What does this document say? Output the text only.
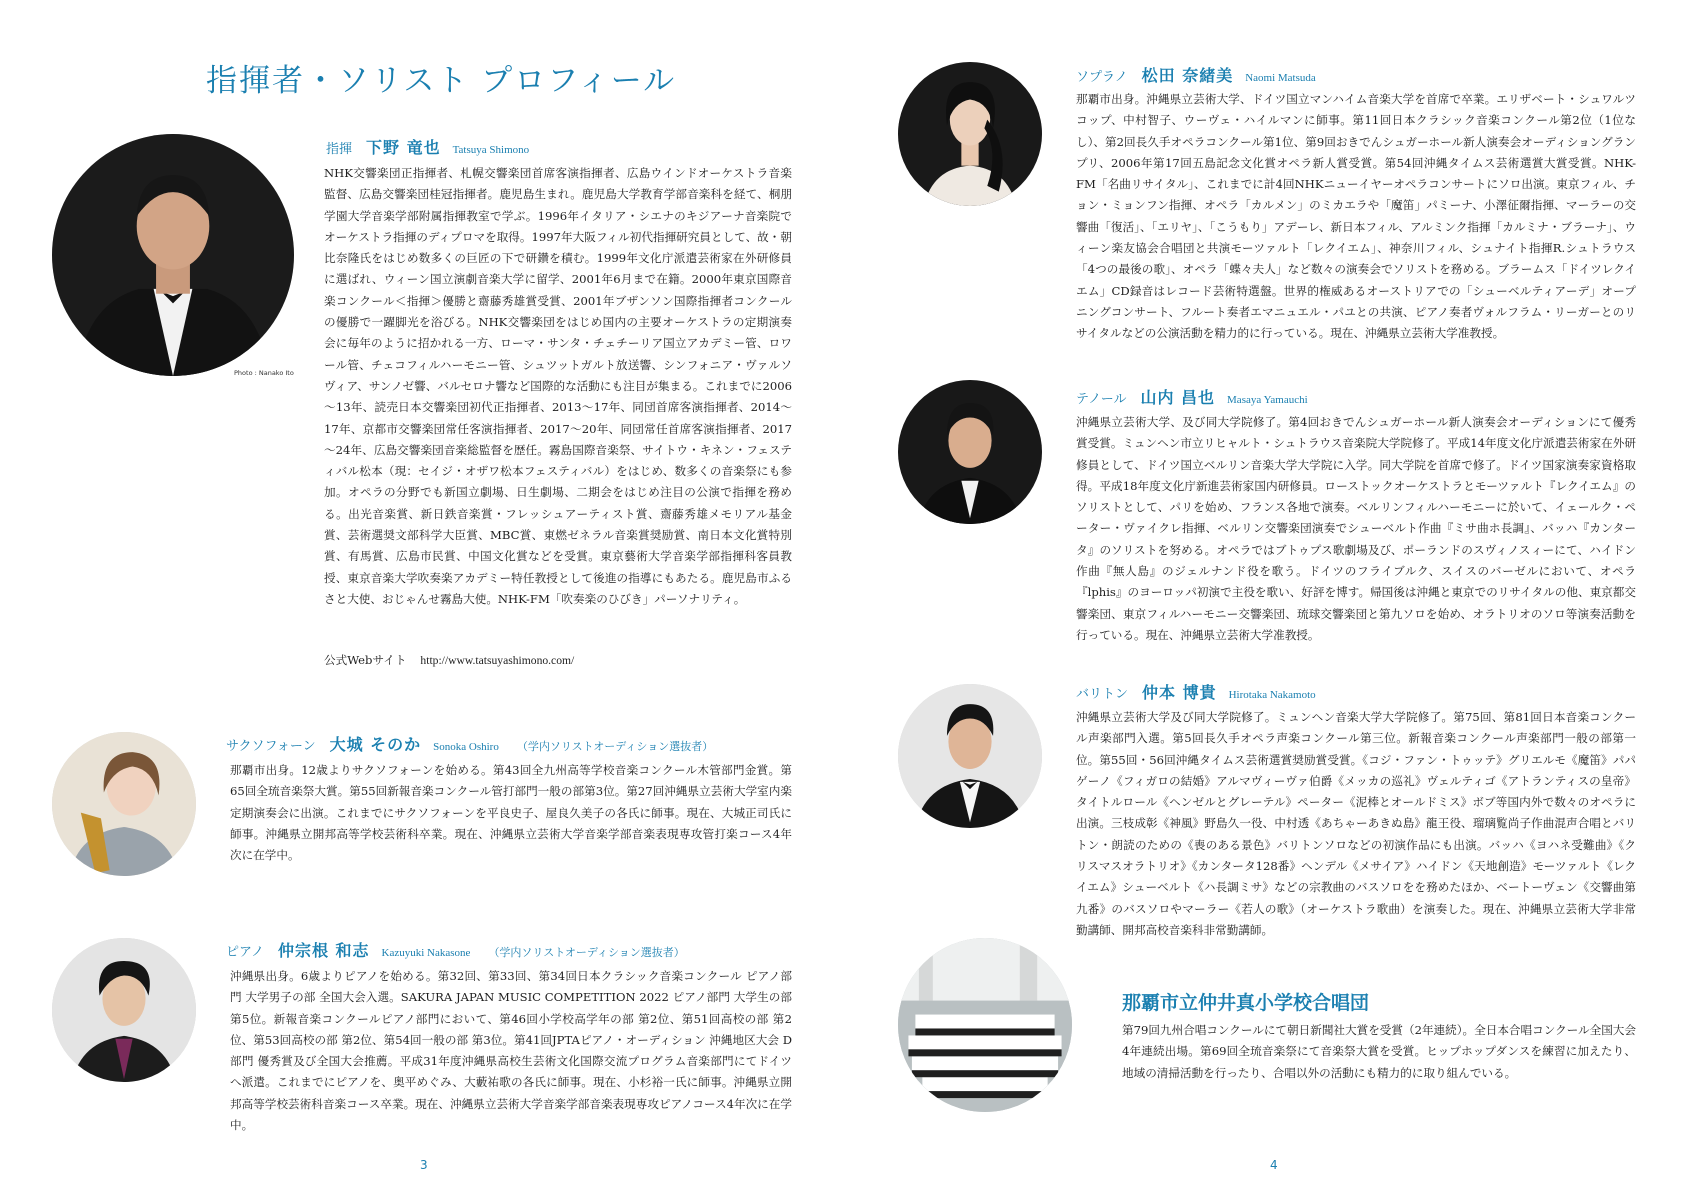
指揮者・ソリスト プロフィール
Photo : Nanako Ito
指揮 下野 竜也 Tatsuya Shimono

NHK交響楽団正指揮者、札幌交響楽団首席客演指揮者、広島ウインドオーケストラ音楽監督、広島交響楽団桂冠指揮者。鹿児島生まれ。鹿児島大学教育学部音楽科を経て、桐朋学園大学音楽学部附属指揮教室で学ぶ。1996年イタリア・シエナのキジアーナ音楽院でオーケストラ指揮のディプロマを取得。1997年大阪フィル初代指揮研究員として、故・朝比奈隆氏をはじめ数多くの巨匠の下で研鑽を積む。1999年文化庁派遣芸術家在外研修員に選ばれ、ウィーン国立演劇音楽大学に留学、2001年6月まで在籍。2000年東京国際音楽コンクール＜指揮＞優勝と齋藤秀雄賞受賞、2001年ブザンソン国際指揮者コンクールの優勝で一躍脚光を浴びる。NHK交響楽団をはじめ国内の主要オーケストラの定期演奏会に毎年のように招かれる一方、ローマ・サンタ・チェチーリア国立アカデミー管、ロワール管、チェコフィルハーモニー管、シュツットガルト放送響、シンフォニア・ヴァルソヴィア、サンノゼ響、バルセロナ響など国際的な活動にも注目が集まる。これまでに2006～13年、読売日本交響楽団初代正指揮者、2013～17年、同団首席客演指揮者、2014～17年、京都市交響楽団常任客演指揮者、2017～20年、同団常任首席客演指揮者、2017～24年、広島交響楽団音楽総監督を歴任。霧島国際音楽祭、サイトウ・キネン・フェスティバル松本（現：セイジ・オザワ松本フェスティバル）をはじめ、数多くの音楽祭にも参加。オペラの分野でも新国立劇場、日生劇場、二期会をはじめ注目の公演で指揮を務める。出光音楽賞、新日鉄音楽賞・フレッシュアーティスト賞、齋藤秀雄メモリアル基金賞、芸術選奨文部科学大臣賞、MBC賞、東燃ゼネラル音楽賞奨励賞、南日本文化賞特別賞、有馬賞、広島市民賞、中国文化賞などを受賞。東京藝術大学音楽学部指揮科客員教授、東京音楽大学吹奏楽アカデミー特任教授として後進の指導にもあたる。鹿児島市ふるさと大使、おじゃんせ霧島大使。NHK-FM「吹奏楽のひびき」パーソナリティ。

公式Webサイト http://www.tatsuyashimono.com/
サクソフォーン 大城 そのか Sonoka Oshiro （学内ソリストオーディション選抜者）

那覇市出身。12歳よりサクソフォーンを始める。第43回全九州高等学校音楽コンクール木管部門金賞。第65回全琉音楽祭大賞。第55回新報音楽コンクール管打部門一般の部第3位。第27回沖縄県立芸術大学室内楽定期演奏会に出演。これまでにサクソフォーンを平良史子、屋良久美子の各氏に師事。現在、大城正司氏に師事。沖縄県立開邦高等学校芸術科卒業。現在、沖縄県立芸術大学音楽学部音楽表現専攻管打楽コース4年次に在学中。

ピアノ 仲宗根 和志 Kazuyuki Nakasone （学内ソリストオーディション選抜者）

沖縄県出身。6歳よりピアノを始める。第32回、第33回、第34回日本クラシック音楽コンクール ピアノ部門 大学男子の部 全国大会入選。SAKURA JAPAN MUSIC COMPETITION 2022 ピアノ部門 大学生の部 第5位。新報音楽コンクールピアノ部門において、第46回小学校高学年の部 第2位、第51回高校の部 第2位、第53回高校の部 第2位、第54回一般の部 第3位。第41回JPTAピアノ・オーディション 沖縄地区大会 D部門 優秀賞及び全国大会推薦。平成31年度沖縄県高校生芸術文化国際交流プログラム音楽部門にてドイツへ派遣。これまでにピアノを、奥平めぐみ、大藪祐歌の各氏に師事。現在、小杉裕一氏に師事。沖縄県立開邦高等学校芸術科音楽コース卒業。現在、沖縄県立芸術大学音楽学部音楽表現専攻ピアノコース4年次に在学中。

3
ソプラノ 松田 奈緒美 Naomi Matsuda

那覇市出身。沖縄県立芸術大学、ドイツ国立マンハイム音楽大学を首席で卒業。エリザベート・シュワルツコップ、中村智子、ウーヴェ・ハイルマンに師事。第11回日本クラシック音楽コンクール第2位（1位なし）、第2回長久手オペラコンクール第1位、第9回おきでんシュガーホール新人演奏会オーディショングランプリ、2006年第17回五島記念文化賞オペラ新人賞受賞。第54回沖縄タイムス芸術選賞大賞受賞。NHK-FM「名曲リサイタル」、これまでに計4回NHKニューイヤーオペラコンサートにソロ出演。東京フィル、チョン・ミョンフン指揮、オペラ「カルメン」のミカエラや「魔笛」パミーナ、小澤征爾指揮、マーラーの交響曲「復活」、「エリヤ」、「こうもり」アデーレ、新日本フィル、アルミンク指揮「カルミナ・ブラーナ」、ウィーン楽友協会合唱団と共演モーツァルト「レクイエム」、神奈川フィル、シュナイト指揮R.シュトラウス「4つの最後の歌」、オペラ「蝶々夫人」など数々の演奏会でソリストを務める。ブラームス「ドイツレクイエム」CD録音はレコード芸術特選盤。世界的権威あるオーストリアでの「シューベルティアーデ」オープニングコンサート、フルート奏者エマニュエル・パユとの共演、ピアノ奏者ヴォルフラム・リーガーとのリサイタルなどの公演活動を精力的に行っている。現在、沖縄県立芸術大学准教授。

テノール 山内 昌也 Masaya Yamauchi

沖縄県立芸術大学、及び同大学院修了。第4回おきでんシュガーホール新人演奏会オーディションにて優秀賞受賞。ミュンヘン市立リヒャルト・シュトラウス音楽院大学院修了。平成14年度文化庁派遣芸術家在外研修員として、ドイツ国立ベルリン音楽大学大学院に入学。同大学院を首席で修了。ドイツ国家演奏家資格取得。平成18年度文化庁新進芸術家国内研修員。ローストックオーケストラとモーツァルト『レクイエム』のソリストとして、パリを始め、フランス各地で演奏。ベルリンフィルハーモニーに於いて、イェールク・ペーター・ヴァイクレ指揮、ベルリン交響楽団演奏でシューベルト作曲『ミサ曲ホ長調』、バッハ『カンタータ』のソリストを努める。オペラではブトゥプス歌劇場及び、ポーランドのスヴィノスィーにて、ハイドン作曲『無人島』のジェルナンド役を歌う。ドイツのフライブルク、スイスのバーゼルにおいて、オペラ『lphis』のヨーロッパ初演で主役を歌い、好評を博す。帰国後は沖縄と東京でのリサイタルの他、東京都交響楽団、東京フィルハーモニー交響楽団、琉球交響楽団と第九ソロを始め、オラトリオのソロ等演奏活動を行っている。現在、沖縄県立芸術大学准教授。

バリトン 仲本 博貴 Hirotaka Nakamoto

沖縄県立芸術大学及び同大学院修了。ミュンヘン音楽大学大学院修了。第75回、第81回日本音楽コンクール声楽部門入選。第5回長久手オペラ声楽コンクール第三位。新報音楽コンクール声楽部門一般の部第一位。第55回・56回沖縄タイムス芸術選賞奨励賞受賞。《コジ・ファン・トゥッテ》グリエルモ《魔笛》パパゲーノ《フィガロの結婚》アルマヴィーヴァ伯爵《メッカの巡礼》ヴェルティゴ《アトランティスの皇帝》タイトルロール《ヘンゼルとグレーテル》ペーター《泥棒とオールドミス》ボブ等国内外で数々のオペラに出演。三枝成彰《神風》野島久一役、中村透《あちゃーあきぬ島》龍王役、瑠璃覧尚子作曲混声合唱とバリトン・朗読のための《喪のある景色》バリトンソロなどの初演作品にも出演。バッハ《ヨハネ受難曲》《クリスマスオラトリオ》《カンタータ128番》ヘンデル《メサイア》ハイドン《天地創造》モーツァルト《レクイエム》シューベルト《ハ長調ミサ》などの宗教曲のバスソロをを務めたほか、ベートーヴェン《交響曲第九番》のバスソロやマーラー《若人の歌》（オーケストラ歌曲）を演奏した。現在、沖縄県立芸術大学非常勤講師、開邦高校音楽科非常勤講師。

那覇市立仲井真小学校合唱団

第79回九州合唱コンクールにて朝日新聞社大賞を受賞（2年連続）。全日本合唱コンクール全国大会4年連続出場。第69回全琉音楽祭にて音楽祭大賞を受賞。ヒップホップダンスを練習に加えたり、地域の清掃活動を行ったり、合唱以外の活動にも精力的に取り組んでいる。

4
